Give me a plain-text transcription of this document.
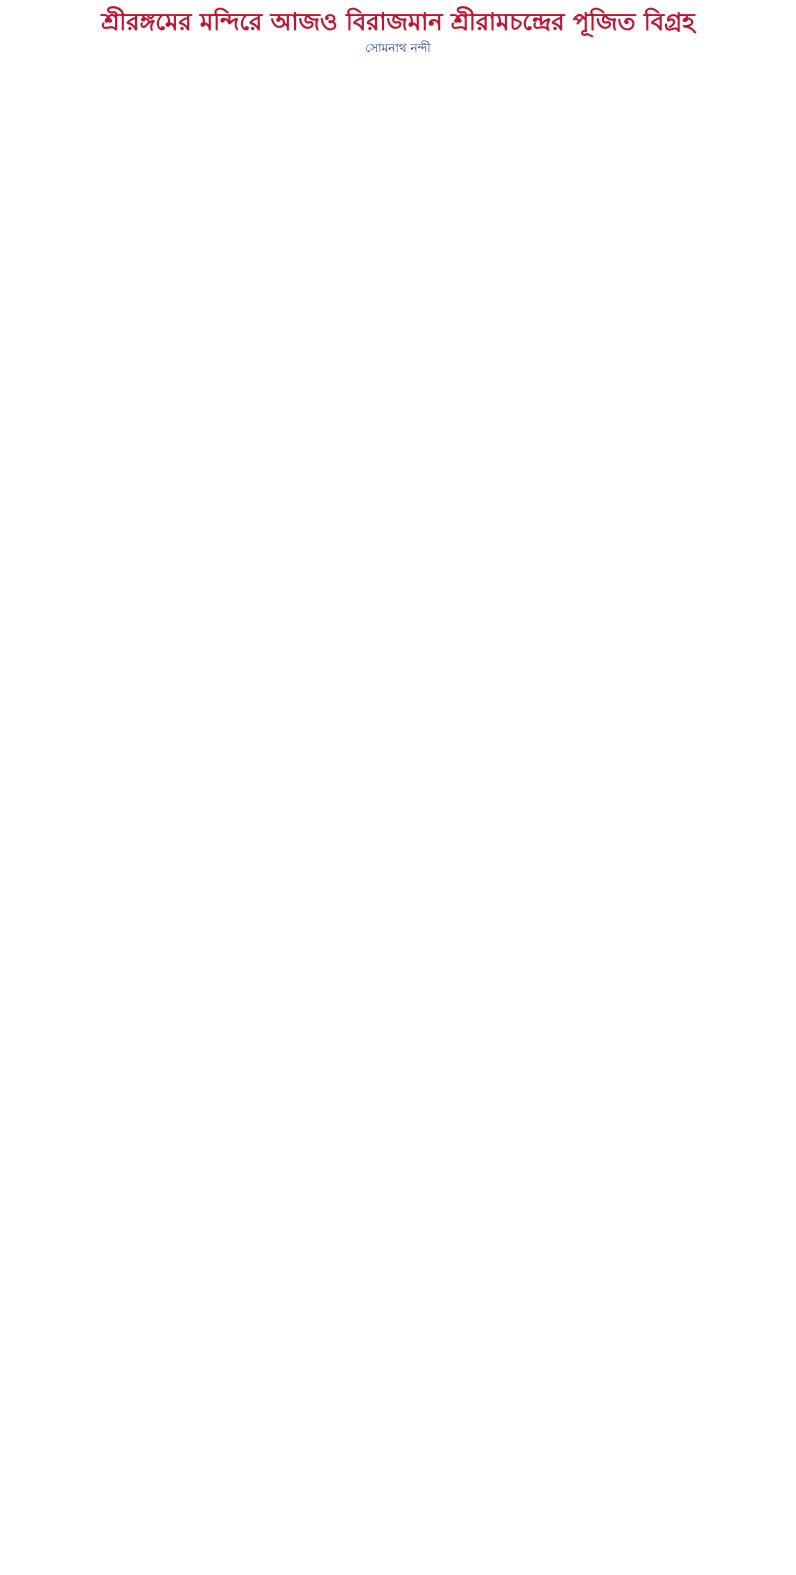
শ্রীরঙ্গমের মন্দিরে আজও বিরাজমান শ্রীরামচন্দ্রের পূজিত বিগ্রহ
সোমনাথ নন্দী
